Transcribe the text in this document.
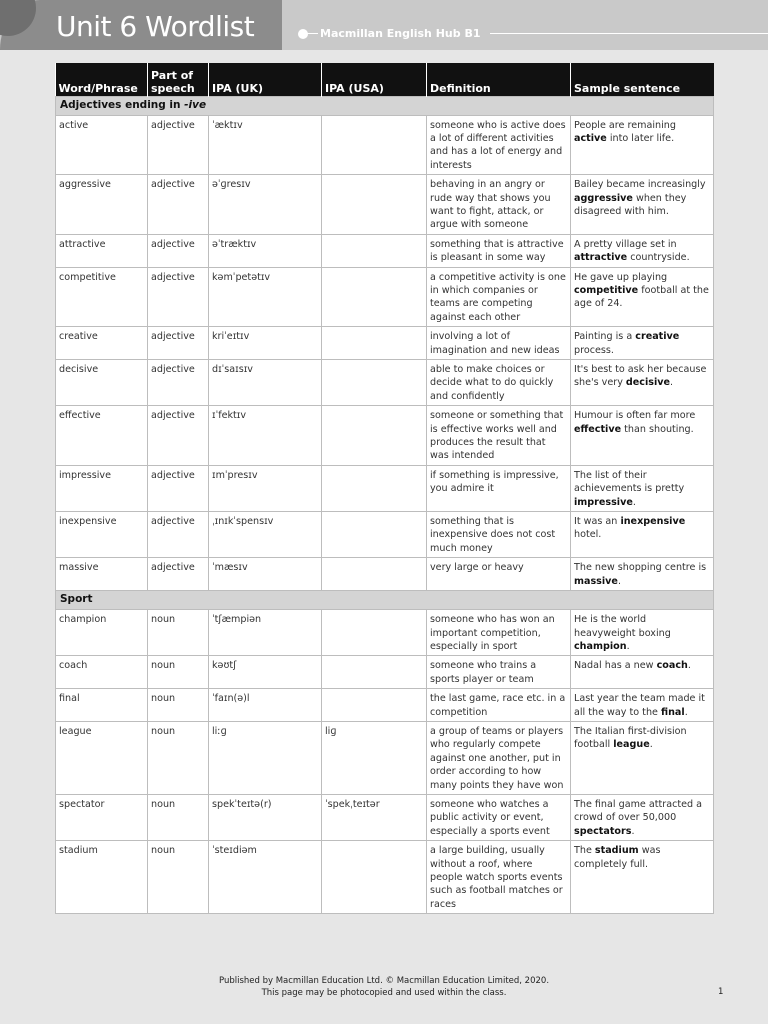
Unit 6 Wordlist	Macmillan English Hub B1
Word/Phrase	Part of speech	IPA (UK)	IPA (USA)	Definition	Sample sentence
Adjectives ending in -ive					
active	adjective	ˈæktɪv		someone who is active does a lot of different activities and has a lot of energy and interests	People are remaining active into later life.
aggressive	adjective	əˈɡresɪv		behaving in an angry or rude way that shows you want to fight, attack, or argue with someone	Bailey became increasingly aggressive when they disagreed with him.
attractive	adjective	əˈtræktɪv		something that is attractive is pleasant in some way	A pretty village set in attractive countryside.
competitive	adjective	kəmˈpetətɪv		a competitive activity is one in which companies or teams are competing against each other	He gave up playing competitive football at the age of 24.
creative	adjective	kriˈeɪtɪv		involving a lot of imagination and new ideas	Painting is a creative process.
decisive	adjective	dɪˈsaɪsɪv		able to make choices or decide what to do quickly and confidently	It's best to ask her because she's very decisive.
effective	adjective	ɪˈfektɪv		someone or something that is effective works well and produces the result that was intended	Humour is often far more effective than shouting.
impressive	adjective	ɪmˈpresɪv		if something is impressive, you admire it	The list of their achievements is pretty impressive.
inexpensive	adjective	ˌɪnɪkˈspensɪv		something that is inexpensive does not cost much money	It was an inexpensive hotel.
massive	adjective	ˈmæsɪv		very large or heavy	The new shopping centre is massive.
Sport					
champion	noun	ˈtʃæmpiən		someone who has won an important competition, especially in sport	He is the world heavyweight boxing champion.
coach	noun	kəʊtʃ		someone who trains a sports player or team	Nadal has a new coach.
final	noun	ˈfaɪn(ə)l		the last game, race etc. in a competition	Last year the team made it all the way to the final.
league	noun	liːɡ	liɡ	a group of teams or players who regularly compete against one another, put in order according to how many points they have won	The Italian first-division football league.
spectator	noun	spekˈteɪtə(r)	ˈspekˌteɪtər	someone who watches a public activity or event, especially a sports event	The final game attracted a crowd of over 50,000 spectators.
stadium	noun	ˈsteɪdiəm		a large building, usually without a roof, where people watch sports events such as football matches or races	The stadium was completely full.
Published by Macmillan Education Ltd. © Macmillan Education Limited, 2020.
This page may be photocopied and used within the class.	1
